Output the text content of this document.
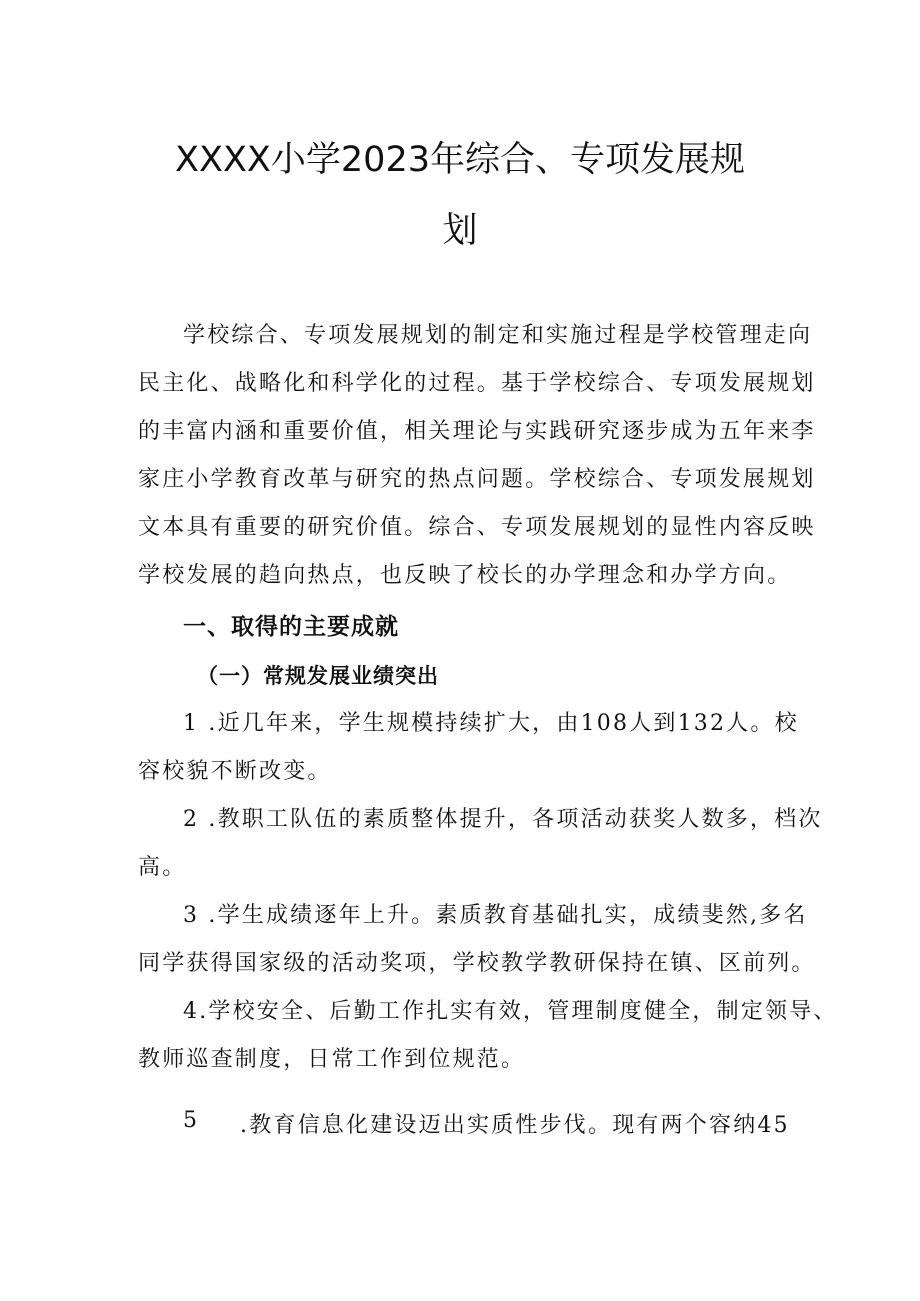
XXXX小学2023年综合、专项发展规
划
学校综合、专项发展规划的制定和实施过程是学校管理走向
民主化、战略化和科学化的过程。基于学校综合、专项发展规划
的丰富内涵和重要价值，相关理论与实践研究逐步成为五年来李
家庄小学教育改革与研究的热点问题。学校综合、专项发展规划
文本具有重要的研究价值。综合、专项发展规划的显性内容反映
学校发展的趋向热点，也反映了校长的办学理念和办学方向。
一、取得的主要成就
（一）常规发展业绩突出
1 .近几年来，学生规模持续扩大，由108人到132人。校
容校貌不断改变。
2 .教职工队伍的素质整体提升，各项活动获奖人数多，档次
高。
3 .学生成绩逐年上升。素质教育基础扎实，成绩斐然,多名
同学获得国家级的活动奖项，学校教学教研保持在镇、区前列。
4.学校安全、后勤工作扎实有效，管理制度健全，制定领导、
教师巡查制度，日常工作到位规范。
5 .教育信息化建设迈出实质性步伐。现有两个容纳45
